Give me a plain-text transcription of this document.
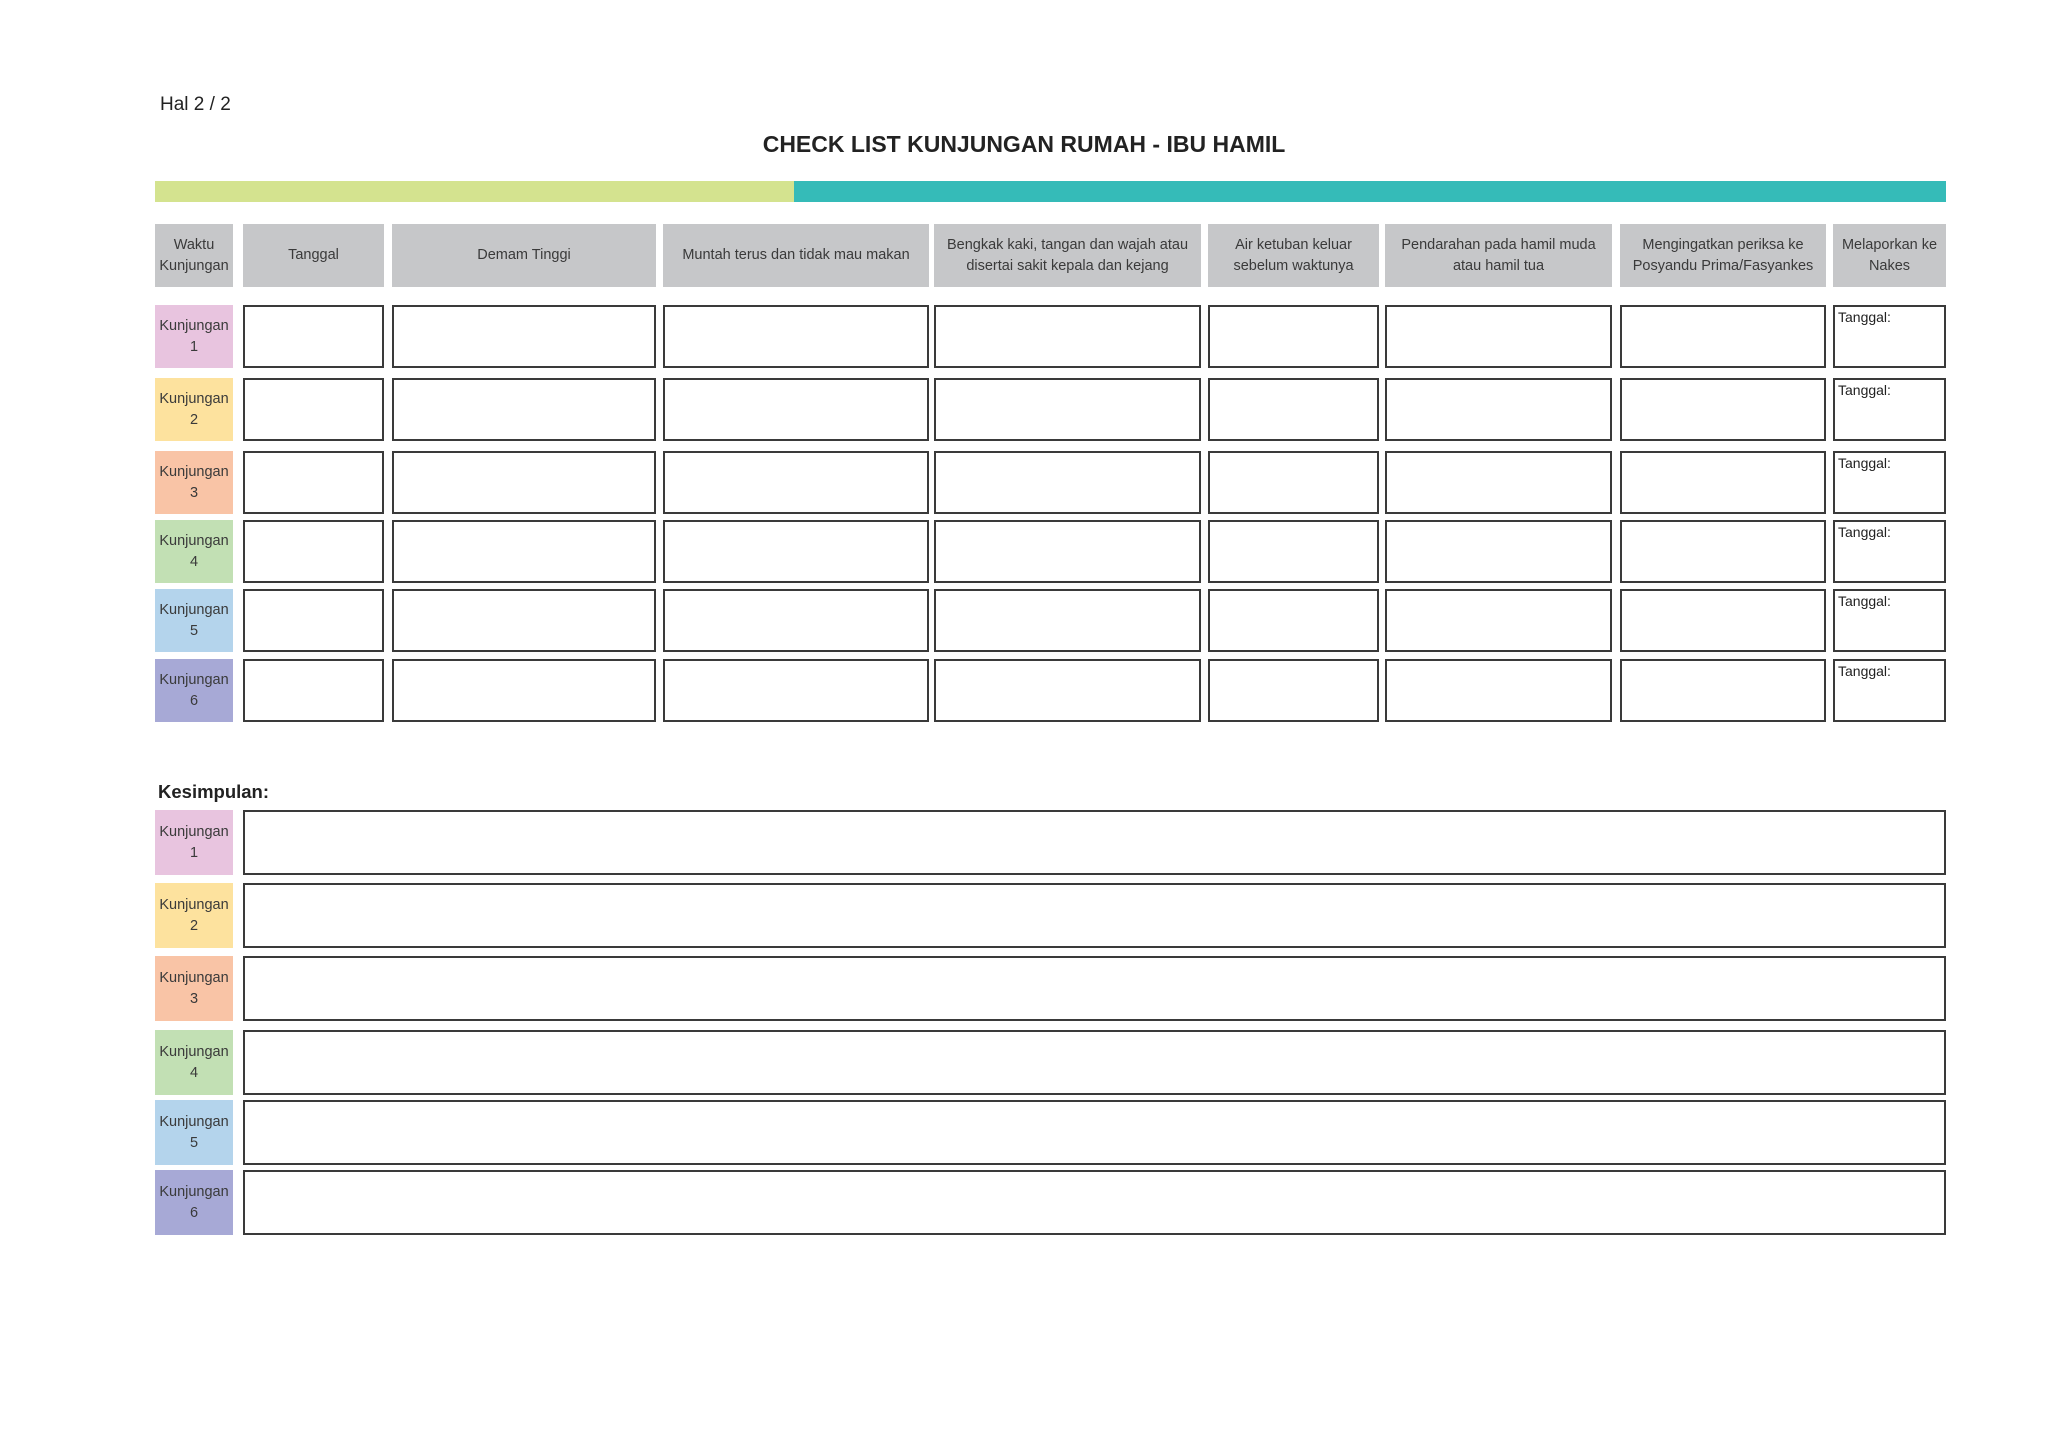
Hal 2 / 2
CHECK LIST KUNJUNGAN RUMAH - IBU HAMIL
Waktu Kunjungan
Tanggal	Demam Tinggi	Muntah terus dan tidak mau makan
Bengkak kaki, tangan dan wajah atau disertai sakit kepala dan kejang
Air ketuban keluar sebelum waktunya
Pendarahan pada hamil muda atau hamil tua
Mengingatkan periksa ke Posyandu Prima/Fasyankes
Melaporkan ke Nakes
Kunjungan
1
Tanggal:
Kunjungan
2
Tanggal:
Kunjungan
3
Tanggal:
Kunjungan
4
Tanggal:
Kunjungan
5
Tanggal:
Kunjungan
6
Tanggal:
Kesimpulan:
Kunjungan
1
Kunjungan
2
Kunjungan
3
Kunjungan
4
Kunjungan
5
Kunjungan
6
